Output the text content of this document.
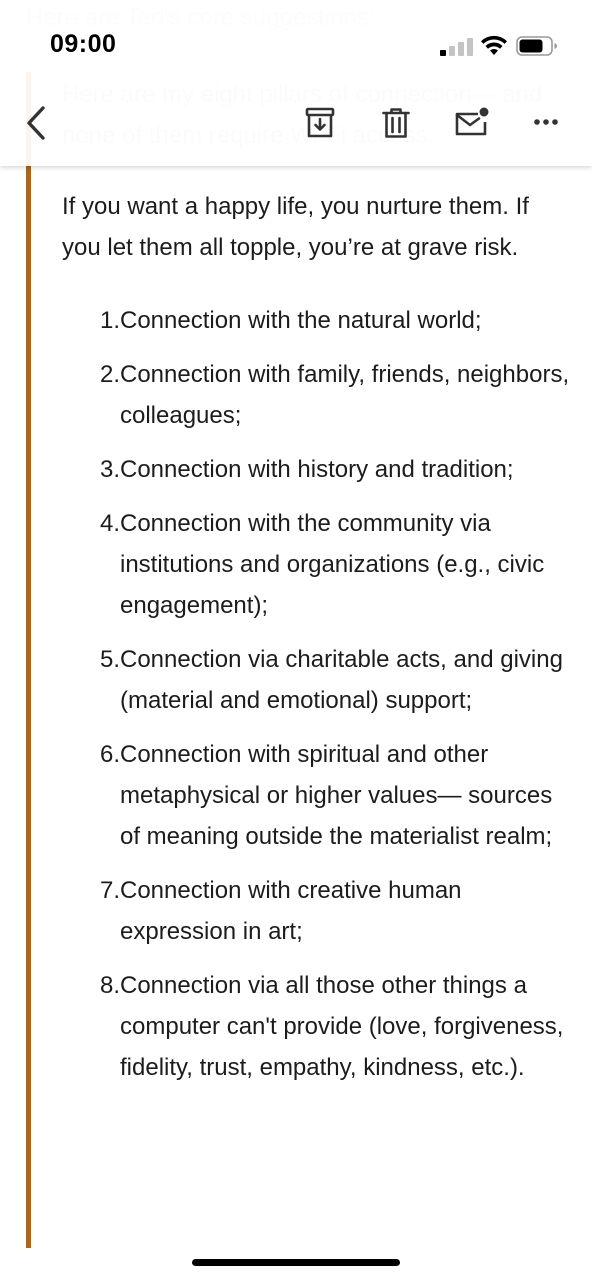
09:00

If you want a happy life, you nurture them. If you let them all topple, you’re at grave risk.

1. Connection with the natural world;
2. Connection with family, friends, neighbors, colleagues;
3. Connection with history and tradition;
4. Connection with the community via institutions and organizations (e.g., civic engagement);
5. Connection via charitable acts, and giving (material and emotional) support;
6. Connection with spiritual and other metaphysical or higher values— sources of meaning outside the materialist realm;
7. Connection with creative human expression in art;
8. Connection via all those other things a computer can't provide (love, forgiveness, fidelity, trust, empathy, kindness, etc.).
